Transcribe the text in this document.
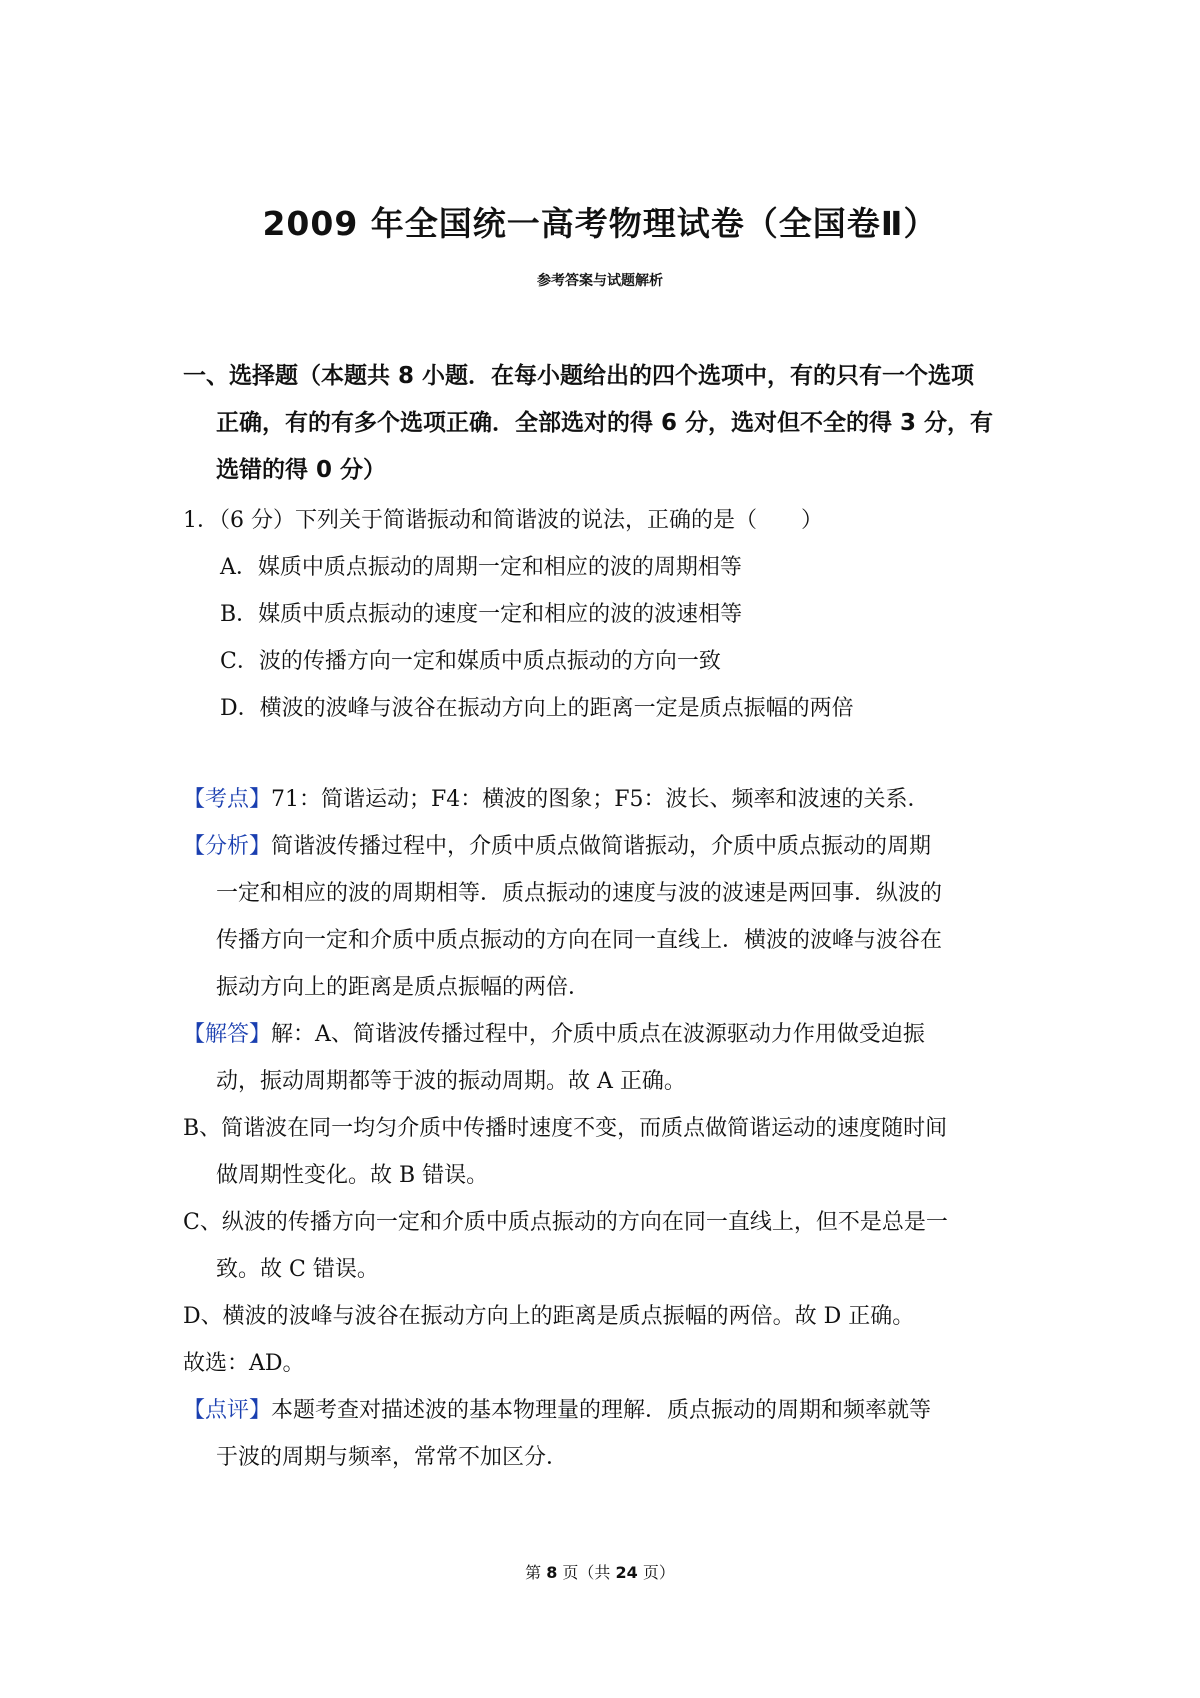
2009 年全国统一高考物理试卷（全国卷Ⅱ）
参考答案与试题解析
一、选择题（本题共 8 小题．在每小题给出的四个选项中，有的只有一个选项
正确，有的有多个选项正确．全部选对的得 6 分，选对但不全的得 3 分，有
选错的得 0 分）
1．（6 分）下列关于简谐振动和简谐波的说法，正确的是（　　）
A．媒质中质点振动的周期一定和相应的波的周期相等
B．媒质中质点振动的速度一定和相应的波的波速相等
C．波的传播方向一定和媒质中质点振动的方向一致
D．横波的波峰与波谷在振动方向上的距离一定是质点振幅的两倍
【考点】71：简谐运动；F4：横波的图象；F5：波长、频率和波速的关系．
【分析】简谐波传播过程中，介质中质点做简谐振动，介质中质点振动的周期
一定和相应的波的周期相等．质点振动的速度与波的波速是两回事．纵波的
传播方向一定和介质中质点振动的方向在同一直线上．横波的波峰与波谷在
振动方向上的距离是质点振幅的两倍．
【解答】解：A、简谐波传播过程中，介质中质点在波源驱动力作用做受迫振
动，振动周期都等于波的振动周期。故 A 正确。
B、简谐波在同一均匀介质中传播时速度不变，而质点做简谐运动的速度随时间
做周期性变化。故 B 错误。
C、纵波的传播方向一定和介质中质点振动的方向在同一直线上，但不是总是一
致。故 C 错误。
D、横波的波峰与波谷在振动方向上的距离是质点振幅的两倍。故 D 正确。
故选：AD。
【点评】本题考查对描述波的基本物理量的理解．质点振动的周期和频率就等
于波的周期与频率，常常不加区分．
第 8 页（共 24 页）
